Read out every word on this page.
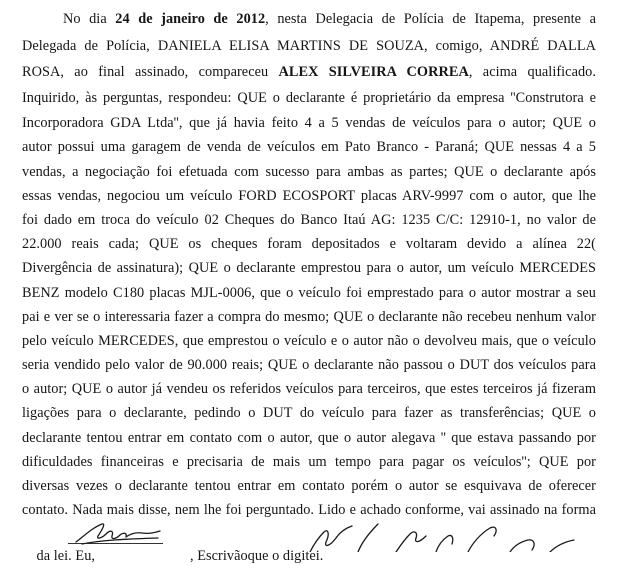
No dia 24 de janeiro de 2012, nesta Delegacia de Polícia de Itapema, presente a
Delegada de Polícia, DANIELA ELISA MARTINS DE SOUZA, comigo, ANDRÉ DALLA
ROSA, ao final assinado, compareceu ALEX SILVEIRA CORREA, acima qualificado.
Inquirido, às perguntas, respondeu: QUE o declarante é proprietário da empresa ''Construtora e
Incorporadora GDA Ltda'', que já havia feito 4 a 5 vendas de veículos para o autor; QUE o
autor possui uma garagem de venda de veículos em Pato Branco - Paraná; QUE nessas 4 a 5
vendas, a negociação foi efetuada com sucesso para ambas as partes; QUE o declarante após
essas vendas, negociou um veículo FORD ECOSPORT placas ARV-9997 com o autor, que lhe
foi dado em troca do veículo 02 Cheques do Banco Itaú AG: 1235 C/C: 12910-1, no valor de
22.000 reais cada; QUE os cheques foram depositados e voltaram devido a alínea 22(
Divergência de assinatura); QUE o declarante emprestou para o autor, um veículo MERCEDES
BENZ modelo C180 placas MJL-0006, que o veículo foi emprestado para o autor mostrar a seu
pai e ver se o interessaria fazer a compra do mesmo; QUE o declarante não recebeu nenhum valor
pelo veículo MERCEDES, que emprestou o veículo e o autor não o devolveu mais, que o veículo
seria vendido pelo valor de 90.000 reais; QUE o declarante não passou o DUT dos veículos para
o autor; QUE o autor já vendeu os referidos veículos para terceiros, que estes terceiros já fizeram
ligações para o declarante, pedindo o DUT do veículo para fazer as transferências; QUE o
declarante tentou entrar em contato com o autor, que o autor alegava '' que estava passando por
dificuldades financeiras e precisaria de mais um tempo para pagar os veículos''; QUE por
diversas vezes o declarante tentou entrar em contato porém o autor se esquivava de oferecer
contato. Nada mais disse, nem lhe foi perguntado. Lido e achado conforme, vai assinado na forma

da lei. Eu,	, Escrivãoque o digitei.
